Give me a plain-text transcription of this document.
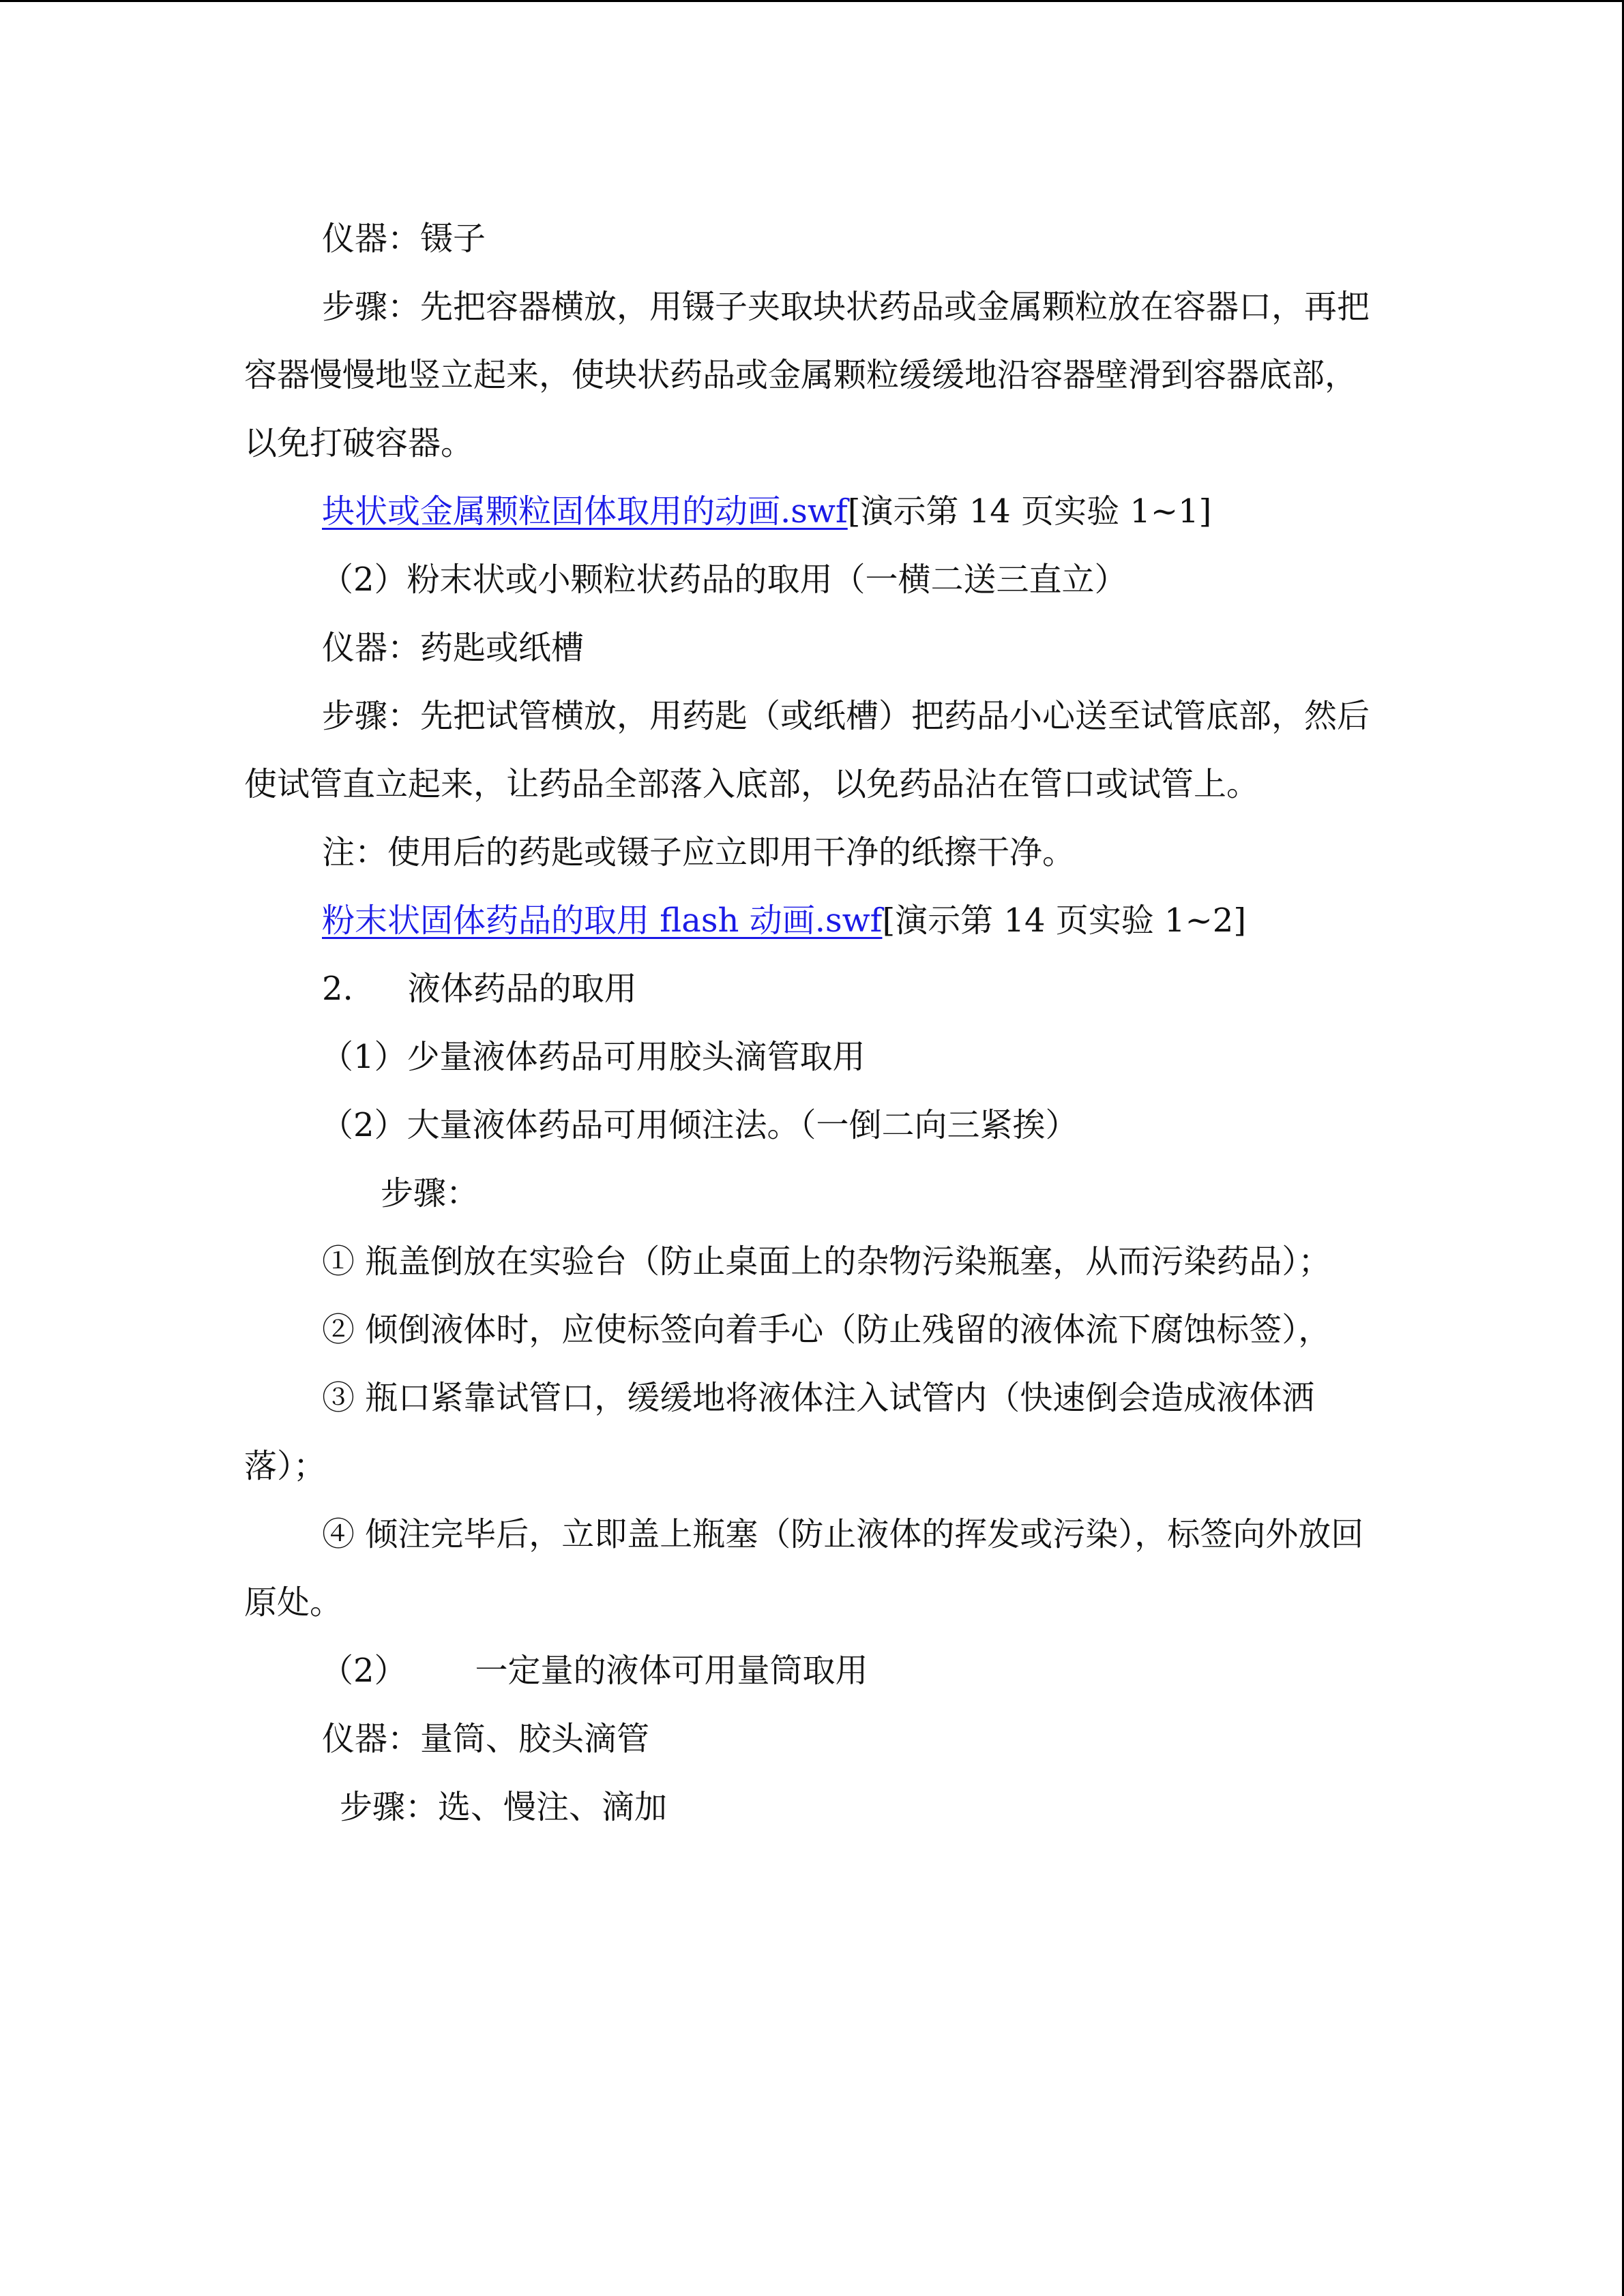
仪器：镊子

步骤：先把容器横放，用镊子夹取块状药品或金属颗粒放在容器口，再把容器慢慢地竖立起来，使块状药品或金属颗粒缓缓地沿容器壁滑到容器底部，以免打破容器。

块状或金属颗粒固体取用的动画.swf[演示第 14 页实验 1~1]

（2）粉末状或小颗粒状药品的取用（一横二送三直立）

仪器：药匙或纸槽

步骤：先把试管横放，用药匙（或纸槽）把药品小心送至试管底部，然后使试管直立起来，让药品全部落入底部，以免药品沾在管口或试管上。

注：使用后的药匙或镊子应立即用干净的纸擦干净。

粉末状固体药品的取用 flash 动画.swf[演示第 14 页实验 1~2]

2. 液体药品的取用

（1）少量液体药品可用胶头滴管取用

（2）大量液体药品可用倾注法。（一倒二向三紧挨）

步骤：

① 瓶盖倒放在实验台（防止桌面上的杂物污染瓶塞，从而污染药品）；

② 倾倒液体时，应使标签向着手心（防止残留的液体流下腐蚀标签），

③ 瓶口紧靠试管口，缓缓地将液体注入试管内（快速倒会造成液体洒落）；

④ 倾注完毕后，立即盖上瓶塞（防止液体的挥发或污染），标签向外放回原处。

（2） 一定量的液体可用量筒取用

仪器：量筒、胶头滴管

步骤：选、慢注、滴加
